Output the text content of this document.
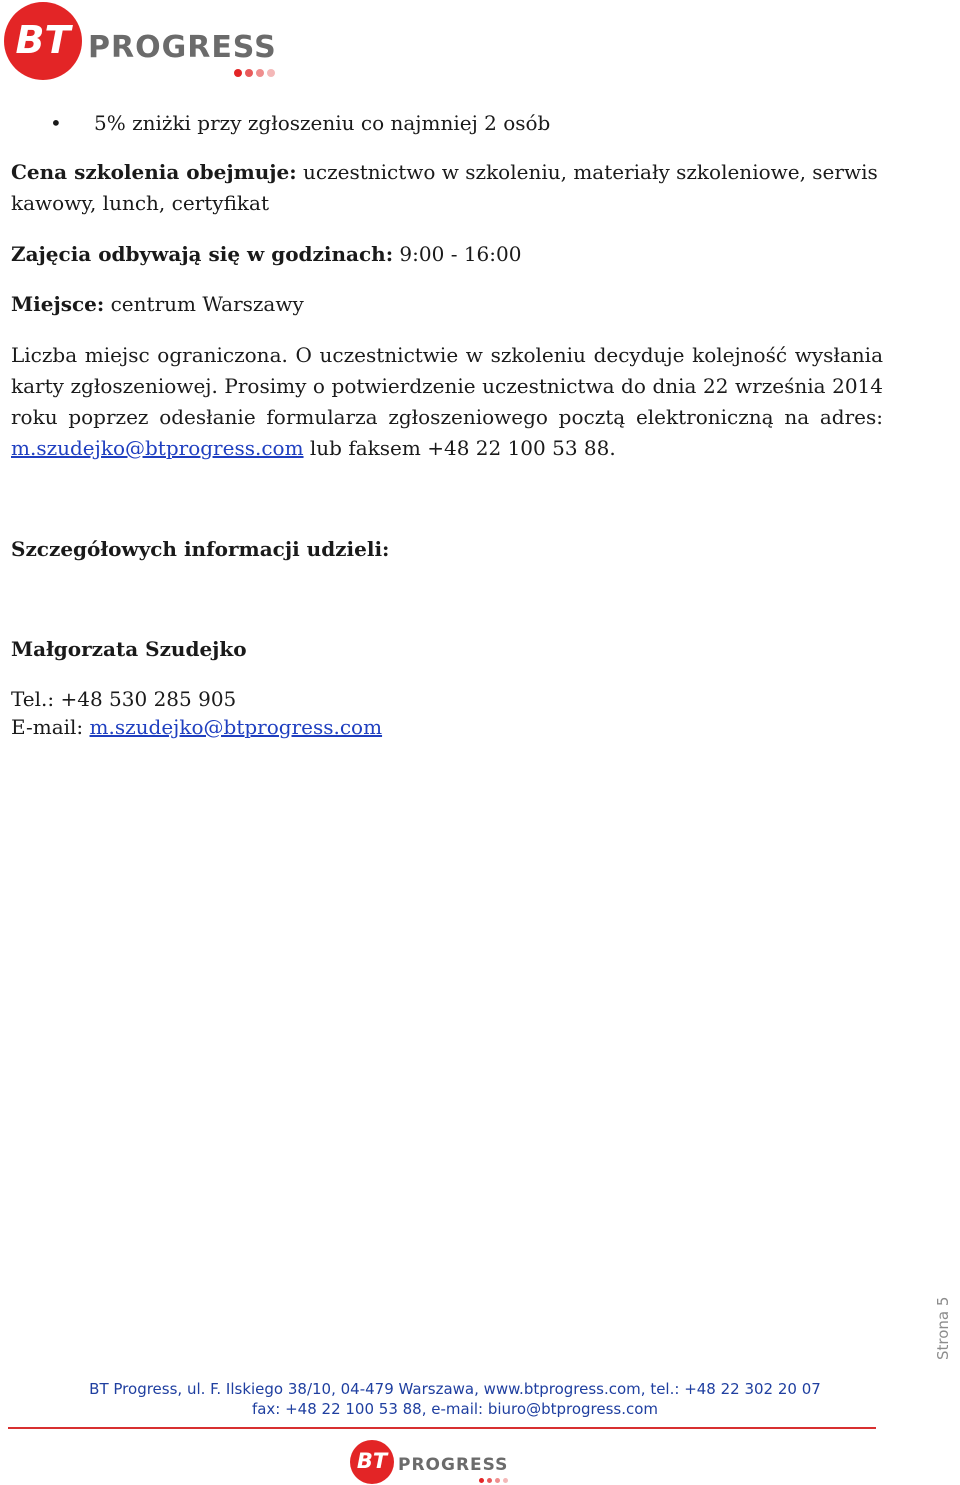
BT PROGRESS
•	5% zniżki przy zgłoszeniu co najmniej 2 osób
Cena szkolenia obejmuje: uczestnictwo w szkoleniu, materiały szkoleniowe, serwis kawowy, lunch, certyfikat
Zajęcia odbywają się w godzinach: 9:00 - 16:00
Miejsce: centrum Warszawy
Liczba miejsc ograniczona. O uczestnictwie w szkoleniu decyduje kolejność wysłania karty zgłoszeniowej. Prosimy o potwierdzenie uczestnictwa do dnia 22 września 2014 roku poprzez odesłanie formularza zgłoszeniowego pocztą elektroniczną na adres: m.szudejko@btprogress.com lub faksem +48 22 100 53 88.
Szczegółowych informacji udzieli:
Małgorzata Szudejko
Tel.: +48 530 285 905
E-mail: m.szudejko@btprogress.com
Strona 5
BT Progress, ul. F. Ilskiego 38/10, 04-479 Warszawa, www.btprogress.com, tel.: +48 22 302 20 07
fax: +48 22 100 53 88, e-mail: biuro@btprogress.com
BT PROGRESS
